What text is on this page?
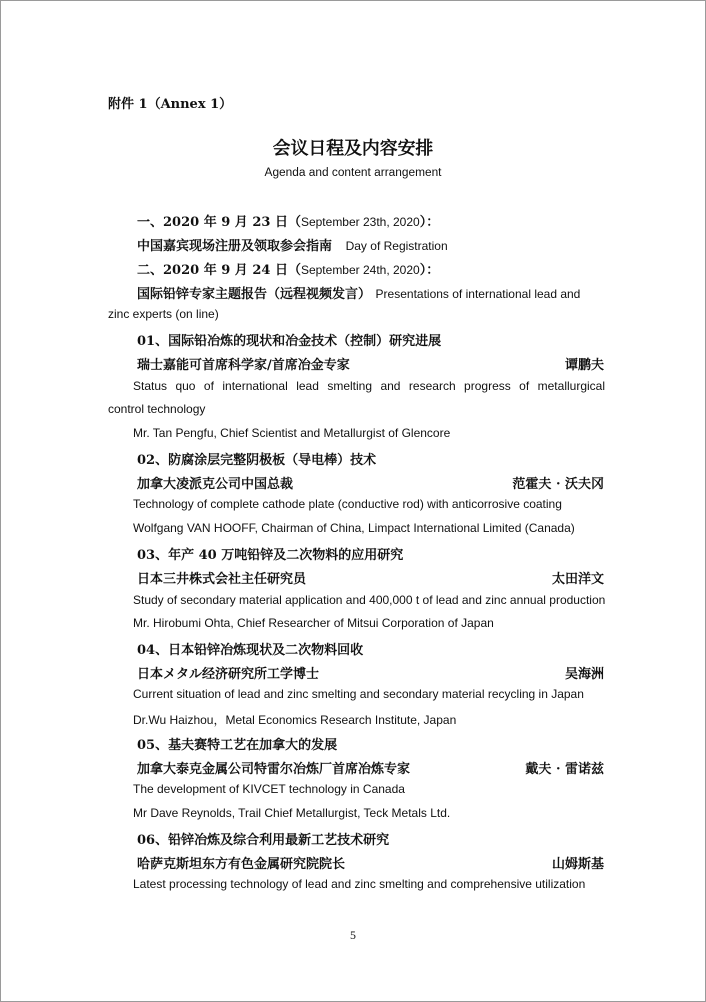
附件 1（Annex 1）
会议日程及内容安排
Agenda and content arrangement
一、2020 年 9 月 23 日（September 23th, 2020）：
中国嘉宾现场注册及领取参会指南 Day of Registration
二、2020 年 9 月 24 日（September 24th, 2020）：
国际铅锌专家主题报告（远程视频发言） Presentations of international lead and
zinc experts (on line)
01、国际铅冶炼的现状和冶金技术（控制）研究进展
瑞士嘉能可首席科学家/首席冶金专家	谭鹏夫
Status quo of international lead smelting and research progress of metallurgical
control technology
Mr. Tan Pengfu, Chief Scientist and Metallurgist of Glencore
02、防腐涂层完整阴极板（导电棒）技术
加拿大凌派克公司中国总裁	范霍夫 · 沃夫冈
Technology of complete cathode plate (conductive rod) with anticorrosive coating
Wolfgang VAN HOOFF, Chairman of China, Limpact International Limited (Canada)
03、年产 40 万吨铅锌及二次物料的应用研究
日本三井株式会社主任研究员	太田洋文
Study of secondary material application and 400,000 t of lead and zinc annual production
Mr. Hirobumi Ohta, Chief Researcher of Mitsui Corporation of Japan
04、日本铅锌冶炼现状及二次物料回收
日本メタル经济研究所工学博士	吴海洲
Current situation of lead and zinc smelting and secondary material recycling in Japan
Dr.Wu Haizhou，Metal Economics Research Institute, Japan
05、基夫赛特工艺在加拿大的发展
加拿大泰克金属公司特雷尔冶炼厂首席冶炼专家	戴夫 · 雷诺兹
The development of KIVCET technology in Canada
Mr Dave Reynolds, Trail Chief Metallurgist, Teck Metals Ltd.
06、铅锌冶炼及综合利用最新工艺技术研究
哈萨克斯坦东方有色金属研究院院长	山姆斯基
Latest processing technology of lead and zinc smelting and comprehensive utilization
5
